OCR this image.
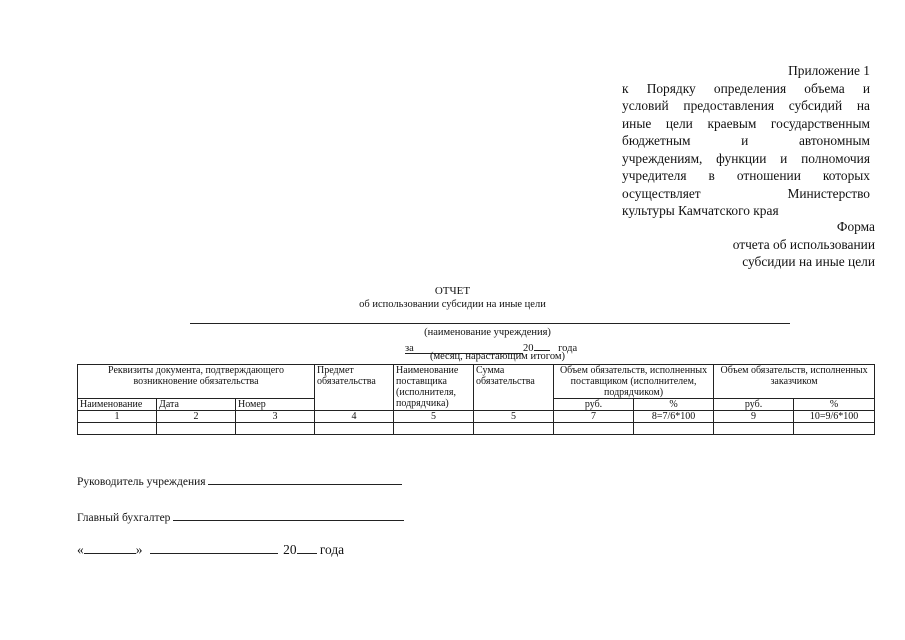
Приложение 1
к Порядку определения объема и
условий предоставления субсидий на
иные цели краевым государственным
бюджетным	и	автономным
учреждениям, функции и полномочия
учредителя в отношении которых
осуществляет	Министерство
культуры Камчатского края
Форма
отчета об использовании
субсидии на иные цели
ОТЧЕТ
об использовании субсидии на иные цели
(наименование учреждения)
за	20 года
(месяц, нарастающим итогом)
Реквизиты документа, подтверждающего возникновение обязательства			Предмет обязательства	Наименование поставщика (исполнителя, подрядчика)	Сумма обязательства	Объем обязательств, исполненных поставщиком (исполнителем, подрядчиком)		Объем обязательств, исполненных заказчиком	
Наименование	Дата	Номер				руб.	%	руб.	%
1	2	3	4	5	5	7	8=7/6*100	9	10=9/6*100

Руководитель учреждения
Главный бухгалтер
«	»	20 года
